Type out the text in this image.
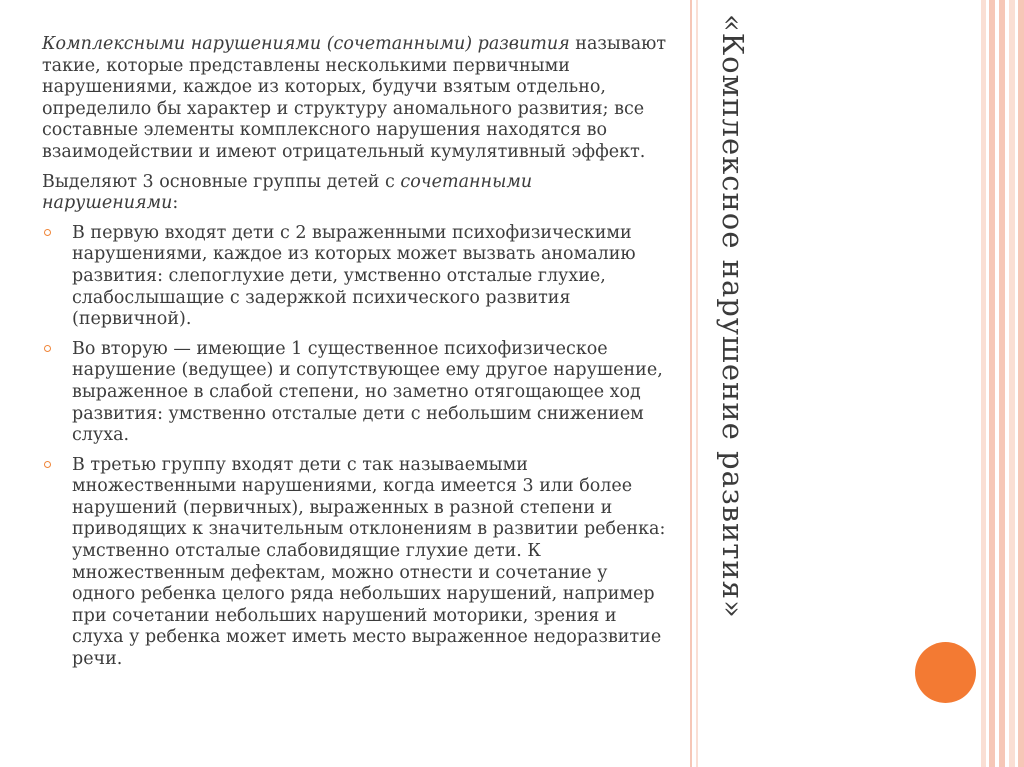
Комплексными нарушениями (сочетанными) развития называют такие, которые представлены несколькими первичными нарушениями, каждое из которых, будучи взятым отдельно, определило бы характер и структуру аномального развития; все составные элементы комплексного нарушения находятся во взаимодействии и имеют отрицательный кумулятивный эффект.

Выделяют 3 основные группы детей с сочетанными нарушениями:

В первую входят дети с 2 выраженными психофизическими нарушениями, каждое из которых может вызвать аномалию развития: слепоглухие дети, умственно отсталые глухие, слабослышащие с задержкой психического развития (первичной).
Во вторую — имеющие 1 существенное психофизическое нарушение (ведущее) и сопутствующее ему другое нарушение, выраженное в слабой степени, но заметно отягощающее ход развития: умственно отсталые дети с небольшим снижением слуха.
В третью группу входят дети с так называемыми множественными нарушениями, когда имеется 3 или более нарушений (первичных), выраженных в разной степени и приводящих к значительным отклонениям в развитии ребенка: умственно отсталые слабовидящие глухие дети. К множественным дефектам, можно отнести и сочетание у одного ребенка целого ряда небольших нарушений, например при сочетании небольших нарушений моторики, зрения и слуха у ребенка может иметь место выраженное недоразвитие речи.
«Комплексное нарушение развития»
